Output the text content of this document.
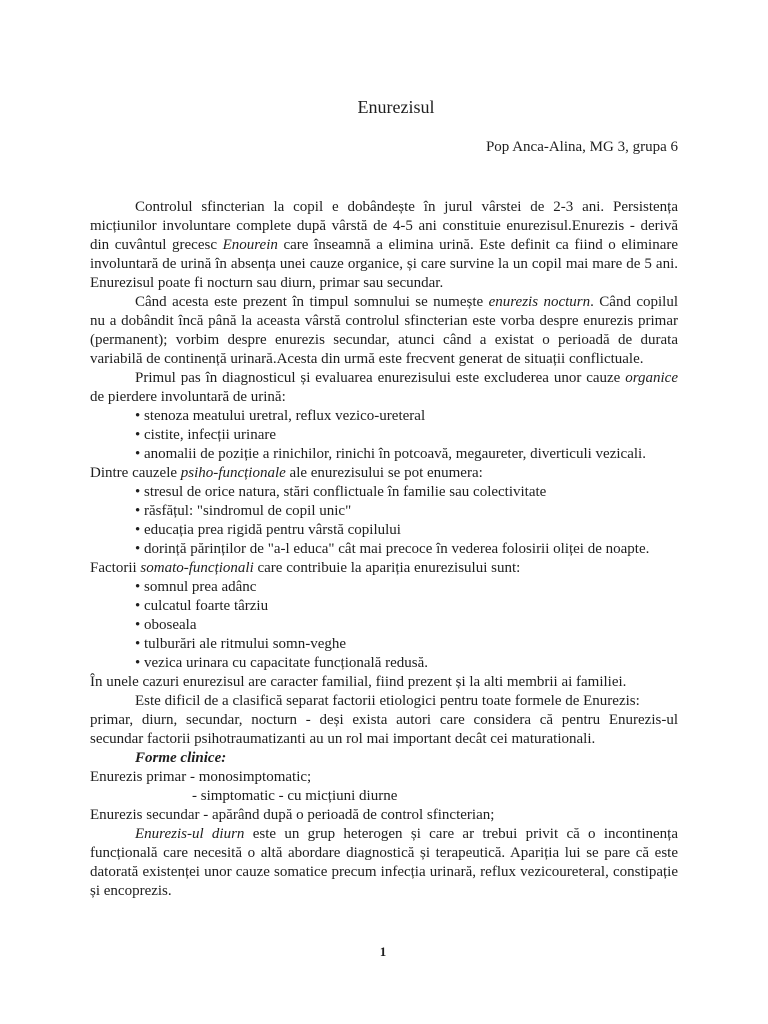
Enurezisul
Pop Anca-Alina, MG 3, grupa 6
Controlul sfincterian la copil e dobândește în jurul vârstei de 2-3 ani. Persistența
micțiunilor involuntare complete după vârstă de 4-5 ani constituie enurezisul.Enurezis - derivă
din cuvântul grecesc Enourein care înseamnă a elimina urină. Este definit ca fiind o eliminare
involuntară de urină în absența unei cauze organice, și care survine la un copil mai mare de 5 ani.
Enurezisul poate fi nocturn sau diurn, primar sau secundar.
Când acesta este prezent în timpul somnului se numește enurezis nocturn. Când copilul
nu a dobândit încă până la aceasta vârstă controlul sfincterian este vorba despre enurezis primar
(permanent); vorbim despre enurezis secundar, atunci când a existat o perioadă de durata
variabilă de continență urinară.Acesta din urmă este frecvent generat de situații conflictuale.
Primul pas în diagnosticul și evaluarea enurezisului este excluderea unor cauze organice
de pierdere involuntară de urină:
• stenoza meatului uretral, reflux vezico-ureteral
• cistite, infecții urinare
• anomalii de poziție a rinichilor, rinichi în potcoavă, megaureter, diverticuli vezicali.
Dintre cauzele psiho-funcționale ale enurezisului se pot enumera:
• stresul de orice natura, stări conflictuale în familie sau colectivitate
• răsfățul: "sindromul de copil unic"
• educația prea rigidă pentru vârstă copilului
• dorință părinților de "a-l educa" cât mai precoce în vederea folosirii oliței de noapte.
Factorii somato-funcționali care contribuie la apariția enurezisului sunt:
• somnul prea adânc
• culcatul foarte târziu
• oboseala
• tulburări ale ritmului somn-veghe
• vezica urinara cu capacitate funcțională redusă.
În unele cazuri enurezisul are caracter familial, fiind prezent și la alti membrii ai familiei.
Este dificil de a clasifică separat factorii etiologici pentru toate formele de Enurezis:
primar, diurn, secundar, nocturn - deși exista autori care considera că pentru Enurezis-ul
secundar factorii psihotraumatizanti au un rol mai important decât cei maturationali.
Forme clinice:
Enurezis primar - monosimptomatic;
- simptomatic - cu micțiuni diurne
Enurezis secundar - apărând după o perioadă de control sfincterian;
Enurezis-ul diurn este un grup heterogen și care ar trebui privit că o incontinența
funcțională care necesită o altă abordare diagnostică și terapeutică. Apariția lui se pare că este
datorată existenței unor cauze somatice precum infecția urinară, reflux vezicoureteral, constipație
și encoprezis.
1
